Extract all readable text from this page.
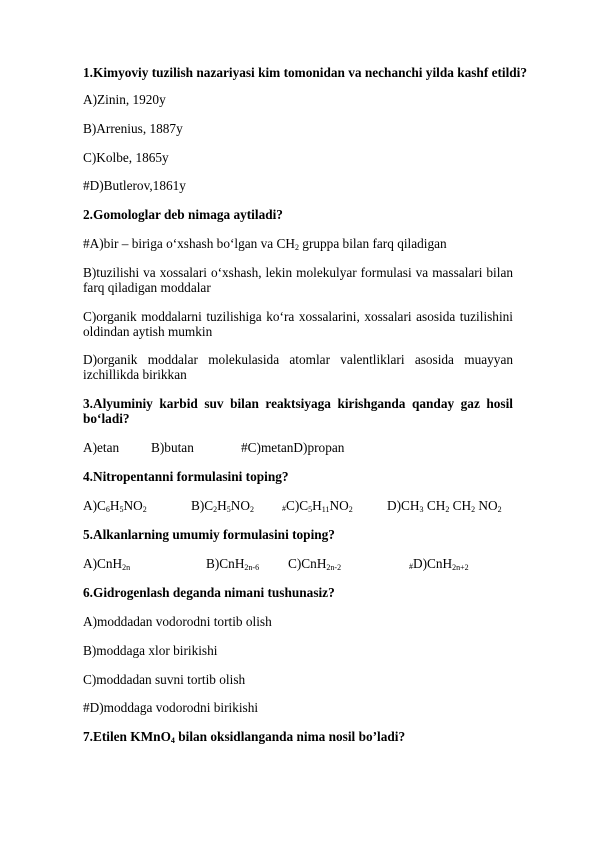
1.Kimyoviy tuzilish nazariyasi kim tomonidan va nechanchi yilda kashf etildi?
A)Zinin, 1920y
B)Arrenius, 1887y
C)Kolbe, 1865y
#D)Butlerov,1861y
2.Gomologlar deb nimaga aytiladi?
#A)bir – biriga o‘xshash bo‘lgan va $CH_2$ gruppa bilan farq qiladigan
B)tuzilishi va xossalari o‘xshash, lekin molekulyar formulasi va massalari bilan
farq qiladigan moddalar
C)organik moddalarni tuzilishiga ko‘ra xossalarini, xossalari asosida tuzilishini
oldindan aytish mumkin
D)organik moddalar molekulasida atomlar valentliklari asosida muayyan
izchillikda birikkan
3.Alyuminiy karbid suv bilan reaktsiyaga kirishganda qanday gaz hosil
bo‘ladi?
A)etan B)butan	#C)metanD)propan
4.Nitropentanni formulasini toping?
$A)C_6H_5NO_2$	$B)C_2H_5NO_2$	$\#C)C_5H_{11}NO_2$	$D)CH_3$ $CH_2$ $CH_2$ $NO_2$
5.Alkanlarning umumiy formulasini toping?
A)CnH$_{2n}$	B)CnH$_{2n-6}$ C)CnH$_{2n-2}$	#D)CnH$_{2n+2}$
6.Gidrogenlash deganda nimani tushunasiz?
A)moddadan vodorodni tortib olish
B)moddaga xlor birikishi
C)moddadan suvni tortib olish
#D)moddaga vodorodni birikishi
7.Etilen KMnO$_4$ bilan oksidlanganda nima nosil bo’ladi?
